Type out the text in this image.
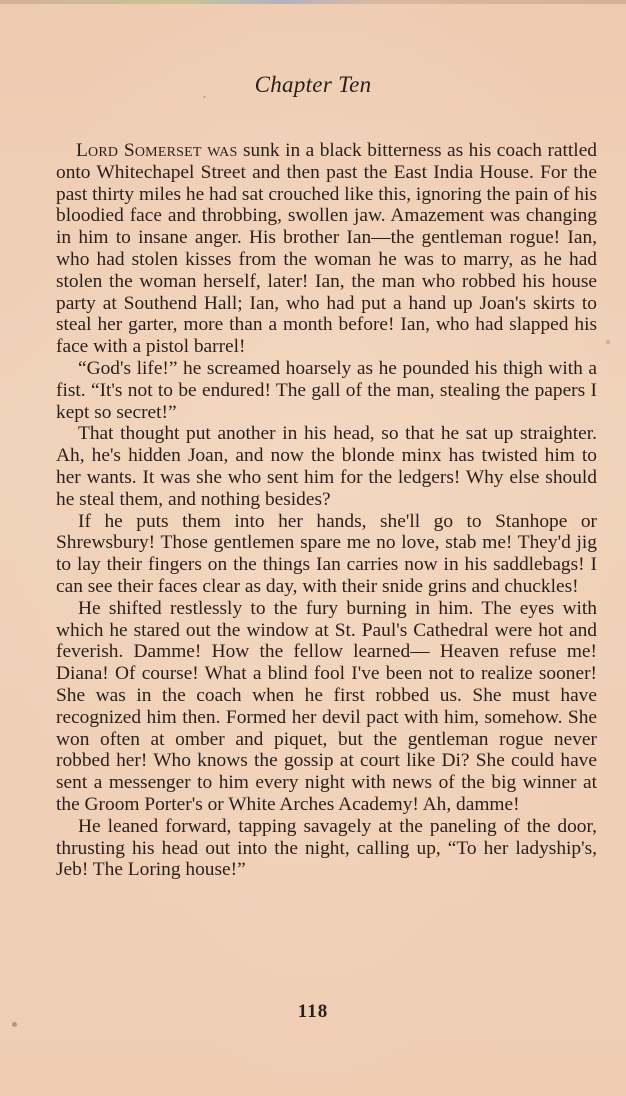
Chapter Ten

Lord Somerset was sunk in a black bitterness as his coach rattled onto Whitechapel Street and then past the East India House. For the past thirty miles he had sat crouched like this, ignoring the pain of his bloodied face and throbbing, swollen jaw. Amazement was changing in him to insane anger. His brother Ian—the gentleman rogue! Ian, who had stolen kisses from the woman he was to marry, as he had stolen the woman herself, later! Ian, the man who robbed his house party at Southend Hall; Ian, who had put a hand up Joan's skirts to steal her garter, more than a month before! Ian, who had slapped his face with a pistol barrel!

“God's life!” he screamed hoarsely as he pounded his thigh with a fist. “It's not to be endured! The gall of the man, stealing the papers I kept so secret!”

That thought put another in his head, so that he sat up straighter. Ah, he's hidden Joan, and now the blonde minx has twisted him to her wants. It was she who sent him for the ledgers! Why else should he steal them, and nothing besides?

If he puts them into her hands, she'll go to Stanhope or Shrewsbury! Those gentlemen spare me no love, stab me! They'd jig to lay their fingers on the things Ian carries now in his saddlebags! I can see their faces clear as day, with their snide grins and chuckles!

He shifted restlessly to the fury burning in him. The eyes with which he stared out the window at St. Paul's Cathedral were hot and feverish. Damme! How the fellow learned— Heaven refuse me! Diana! Of course! What a blind fool I've been not to realize sooner! She was in the coach when he first robbed us. She must have recognized him then. Formed her devil pact with him, somehow. She won often at omber and piquet, but the gentleman rogue never robbed her! Who knows the gossip at court like Di? She could have sent a messenger to him every night with news of the big winner at the Groom Porter's or White Arches Academy! Ah, damme!

He leaned forward, tapping savagely at the paneling of the door, thrusting his head out into the night, calling up, “To her ladyship's, Jeb! The Loring house!”

118
